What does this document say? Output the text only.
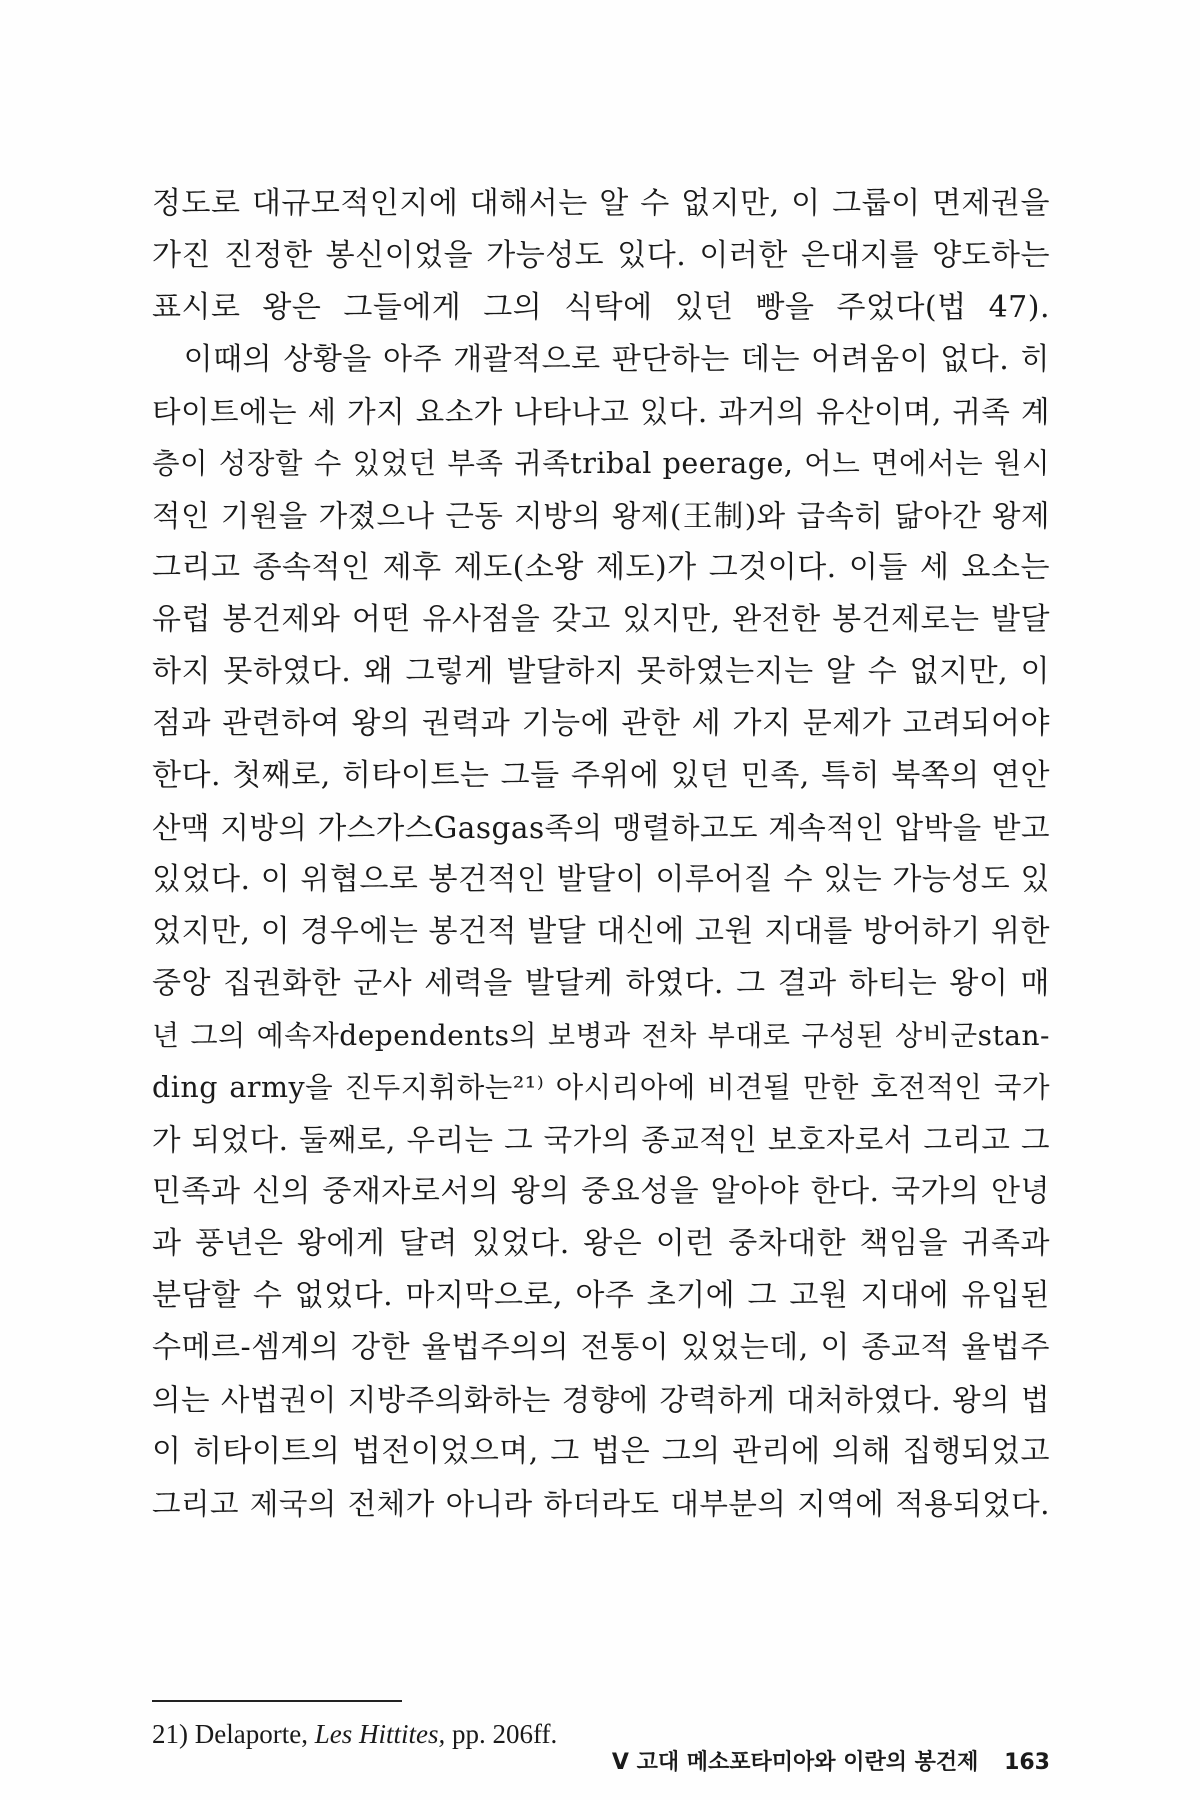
정도로 대규모적인지에 대해서는 알 수 없지만, 이 그룹이 면제권을
가진 진정한 봉신이었을 가능성도 있다. 이러한 은대지를 양도하는
표시로 왕은 그들에게 그의 식탁에 있던 빵을 주었다(법 47).
　이때의 상황을 아주 개괄적으로 판단하는 데는 어려움이 없다. 히
타이트에는 세 가지 요소가 나타나고 있다. 과거의 유산이며, 귀족 계
층이 성장할 수 있었던 부족 귀족tribal peerage, 어느 면에서는 원시
적인 기원을 가졌으나 근동 지방의 왕제(王制)와 급속히 닮아간 왕제
그리고 종속적인 제후 제도(소왕 제도)가 그것이다. 이들 세 요소는
유럽 봉건제와 어떤 유사점을 갖고 있지만, 완전한 봉건제로는 발달
하지 못하였다. 왜 그렇게 발달하지 못하였는지는 알 수 없지만, 이
점과 관련하여 왕의 권력과 기능에 관한 세 가지 문제가 고려되어야
한다. 첫째로, 히타이트는 그들 주위에 있던 민족, 특히 북쪽의 연안
산맥 지방의 가스가스Gasgas족의 맹렬하고도 계속적인 압박을 받고
있었다. 이 위협으로 봉건적인 발달이 이루어질 수 있는 가능성도 있
었지만, 이 경우에는 봉건적 발달 대신에 고원 지대를 방어하기 위한
중앙 집권화한 군사 세력을 발달케 하였다. 그 결과 하티는 왕이 매
년 그의 예속자dependents의 보병과 전차 부대로 구성된 상비군stan-
ding army을 진두지휘하는²¹⁾ 아시리아에 비견될 만한 호전적인 국가
가 되었다. 둘째로, 우리는 그 국가의 종교적인 보호자로서 그리고 그
민족과 신의 중재자로서의 왕의 중요성을 알아야 한다. 국가의 안녕
과 풍년은 왕에게 달려 있었다. 왕은 이런 중차대한 책임을 귀족과
분담할 수 없었다. 마지막으로, 아주 초기에 그 고원 지대에 유입된
수메르-셈계의 강한 율법주의의 전통이 있었는데, 이 종교적 율법주
의는 사법권이 지방주의화하는 경향에 강력하게 대처하였다. 왕의 법
이 히타이트의 법전이었으며, 그 법은 그의 관리에 의해 집행되었고
그리고 제국의 전체가 아니라 하더라도 대부분의 지역에 적용되었다.
21) Delaporte, Les Hittites, pp. 206ff.
V 고대 메소포타미아와 이란의 봉건제 163
